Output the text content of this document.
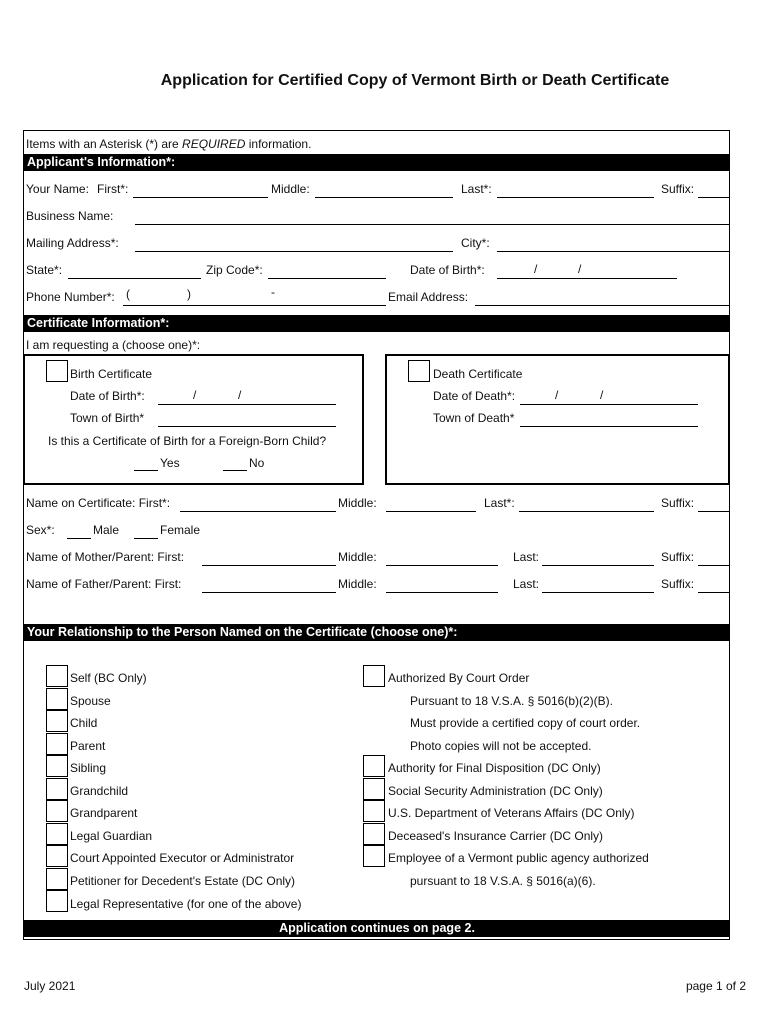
Application for Certified Copy of Vermont Birth or Death Certificate
Items with an Asterisk (*) are REQUIRED information.
Applicant's Information*:
Your Name: First*:	Middle:	Last*:	Suffix:
Business Name:
Mailing Address*:	City*:
State*:	Zip Code*:	Date of Birth*:	/	/
Phone Number*: (	)	-	Email Address:
Certificate Information*:
I am requesting a (choose one)*:
Birth Certificate
Date of Birth*:	/	/
Town of Birth*
Is this a Certificate of Birth for a Foreign-Born Child?
Yes	No
Death Certificate
Date of Death*:	/	/
Town of Death*
Name on Certificate: First*:	Middle:	Last*:	Suffix:
Sex*:	Male	Female
Name of Mother/Parent: First:	Middle:	Last:	Suffix:
Name of Father/Parent: First:	Middle:	Last:	Suffix:
Your Relationship to the Person Named on the Certificate (choose one)*:
Self (BC Only)
Spouse
Child
Parent
Sibling
Grandchild
Grandparent
Legal Guardian
Court Appointed Executor or Administrator
Petitioner for Decedent's Estate (DC Only)
Legal Representative (for one of the above)
Authorized By Court Order
Pursuant to 18 V.S.A. § 5016(b)(2)(B).
Must provide a certified copy of court order.
Photo copies will not be accepted.
Authority for Final Disposition (DC Only)
Social Security Administration (DC Only)
U.S. Department of Veterans Affairs (DC Only)
Deceased's Insurance Carrier (DC Only)
Employee of a Vermont public agency authorized
pursuant to 18 V.S.A. § 5016(a)(6).
Application continues on page 2.
July 2021	page 1 of 2
